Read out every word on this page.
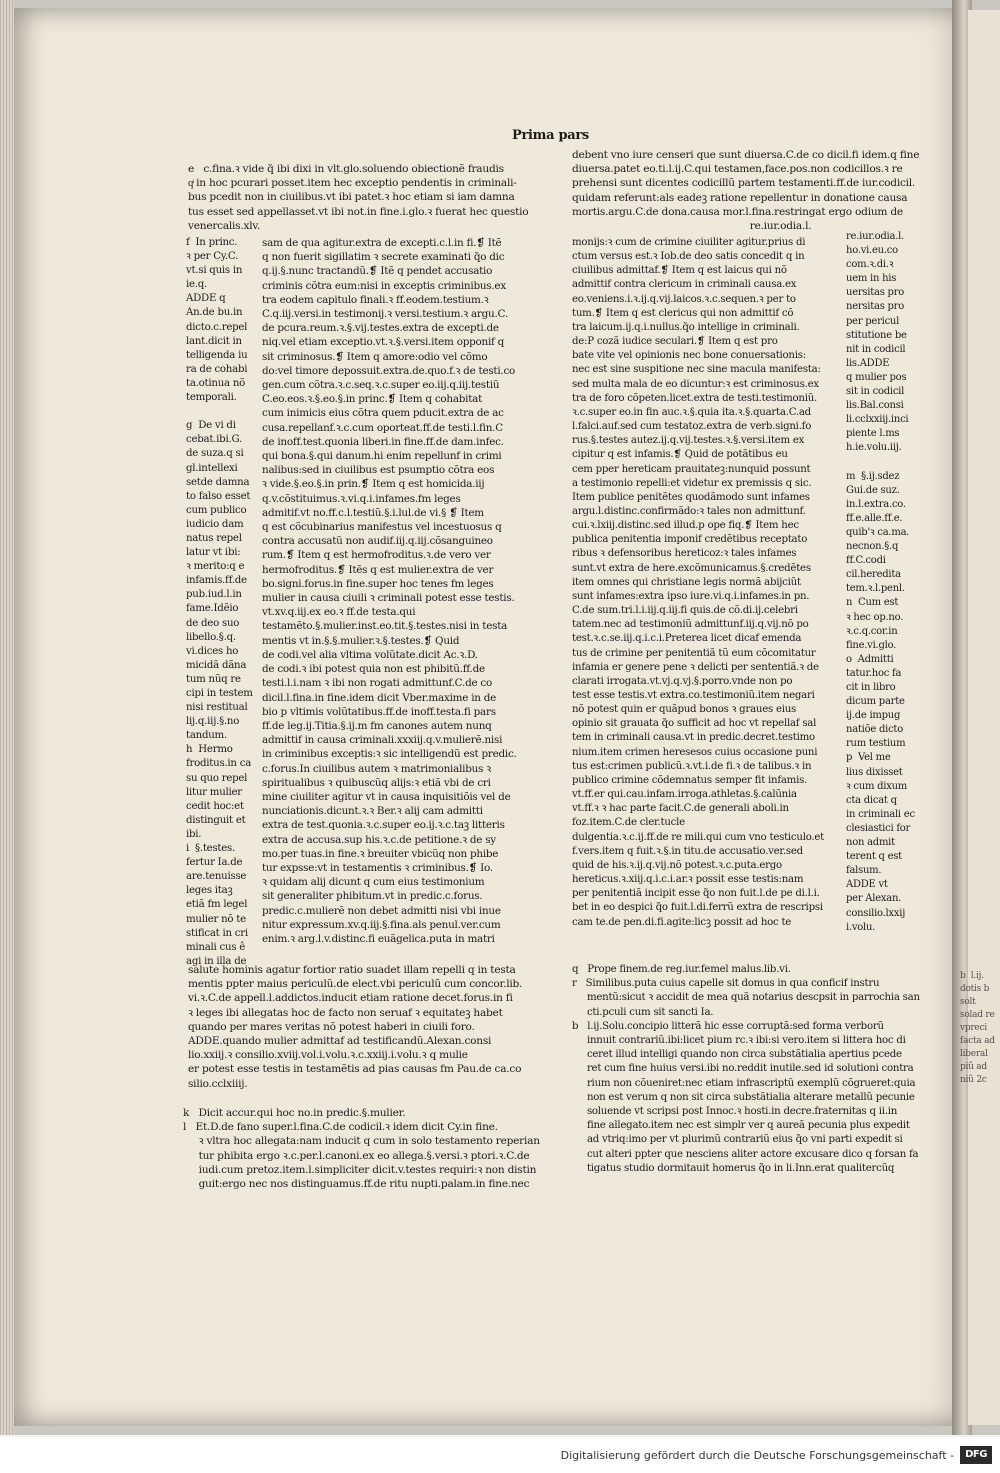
Prima pars
e   c.fina.ꝛ vide q̃ ibi dixi in vlt.glo.soluendo obiectionẽ fraudis
qͥ in hoc pcurari posset.item hec exceptio pendentis in criminali-
bus pcedit non in ciuilibus.vt ibi patet.ꝛ hoc etiam si iam damna
tus esset sed appellasset.vt ibi not.in fine.i.glo.ꝛ fuerat hec questio
venercalis.xlv.
f  In princ.
ꝛ per Cy.C.
vt.si quis in
ie.q.
ADDE q
An.de bu.in
dicto.c.repel
lant.dicit in
telligenda iu
ra de cohabi
ta.otinua nõ
temporali.

g  De vi di
cebat.ibi.G.
de suza.q si
gl.intellexi
setde damna
to falso esset
cum publico
iudicio dam
natus repel
latur vt ibi:
ꝛ merito:q e
infamis.ff.de
pub.iud.l.in
fame.Idẽio
de deo suo
libello.§.q.
vi.dices ho
micidã dãna
tum nũq re
cipi in testem
nisi restitual
lij.q.iij.§.no
tandum.
h  Hermo
froditus.in ca
su quo repel
litur mulier
cedit hoc:et
distinguit et
ibi.
i  §.testes.
fertur Ia.de
are.tenuisse
leges itaꝫ
etiã fm legel
mulier nõ te
stificat in cri
minali cus ê
agi in illa de
sam de qua agitur.extra de excepti.c.l.in fi.❡ Itẽ
q non fuerit sigillatim ꝛ secrete examinati q̃o dic
q.ij.§.nunc tractandũ.❡ Itẽ q pendet accusatio
criminis cõtra eum:nisi in exceptis criminibus.ex
tra eodem capitulo finali.ꝛ ff.eodem.testium.ꝛ
C.q.iij.versi.in testimonij.ꝛ versi.testium.ꝛ argu.C.
de pcura.reum.ꝛ.§.vij.testes.extra de excepti.de
niq.vel etiam exceptio.vt.ꝛ.§.versi.item opponif q
sit criminosus.❡ Item q amore:odio vel cõmo
do:vel timore depossuit.extra.de.quo.f.ꝛ de testi.co
gen.cum cõtra.ꝛ.c.seq.ꝛ.c.super eo.iij.q.iij.testiũ
C.eo.eos.ꝛ.§.eo.§.in princ.❡ Item q cohabitat
cum inimicis eius cõtra quem pducit.extra de ac
cusa.repellanf.ꝛ.c.cum oporteat.ff.de testi.l.fin.C
de inoff.test.quonia liberi.in fine.ff.de dam.infec.
qui bona.§.qui danum.hi enim repellunf in crimi
nalibus:sed in ciuilibus est psumptio cõtra eos
ꝛ vide.§.eo.§.in prin.❡ Item q est homicida.iij
q.v.cõstituimus.ꝛ.vi.q.i.infames.fm leges
admitif.vt no.ff.c.l.testiũ.§.i.lul.de vi.§ ❡ Item
q est cõcubinarius manifestus vel incestuosus q
contra accusatũ non audif.iij.q.iij.cõsanguineo
rum.❡ Item q est hermofroditus.ꝛ.de vero ver
hermofroditus.❡ Itẽs q est mulier.extra de ver
bo.signi.forus.in fine.super hoc tenes fm leges
mulier in causa ciuili ꝛ criminali potest esse testis.
vt.xv.q.iij.ex eo.ꝛ ff.de testa.qui
testamẽto.§.mulier.inst.eo.tit.§.testes.nisi in testa
mentis vt in.§.§.mulier.ꝛ.§.testes.❡ Quid
de codi.vel alia vltima volũtate.dicit Ac.ꝛ.D.
de codi.ꝛ ibi potest quia non est phibitũ.ff.de
testi.l.i.nam ꝛ ibi non rogati admittunf.C.de co
dicil.l.fina.in fine.idem dicit Vber.maxime in de
bio p vltimis volũtatibus.ff.de inoff.testa.fi pars
ff.de leg.ij.Titia.§.ij.m fm canones autem nunq
admittif in causa criminali.xxxiij.q.v.mulierẽ.nisi
in criminibus exceptis:ꝛ sic intelligendũ est predic.
c.forus.In ciuilibus autem ꝛ matrimonialibus ꝛ
spiritualibus ꝛ quibuscũq alijs:ꝛ etiã vbi de cri
mine ciuiliter agitur vt in causa inquisitiõis vel de
nunciationis.dicunt.ꝛ.ꝛ Ber.ꝛ alij cam admitti
extra de test.quonia.ꝛ.c.super eo.ij.ꝛ.c.taꝫ litteris
extra de accusa.sup his.ꝛ.c.de petitione.ꝛ de sy
mo.per tuas.in fine.ꝛ breuiter vbicũq non phibe
tur expsse:vt in testamentis ꝛ criminibus.❡ Io.
ꝛ quidam alij dicunt q cum eius testimonium
sit generaliter phibitum.vt in predic.c.forus.
predic.c.mulierẽ non debet admitti nisi vbi inue
nitur expressum.xv.q.iij.§.fina.als penul.ver.cum
enim.ꝛ arg.l.v.distinc.fi euãgelica.puta in matri
salute hominis agatur fortior ratio suadet illam repelli q in testa
mentis ppter maius periculũ.de elect.vbi periculũ cum concor.lib.
vi.ꝛ.C.de appell.l.addictos.inducit etiam ratione decet.forus.in fi
ꝛ leges ibi allegatas hoc de facto non seruaf ꝛ equitateꝫ habet
quando per mares veritas nõ potest haberi in ciuili foro.
ADDE.quando mulier admittaf ad testificandũ.Alexan.consi
lio.xxiij.ꝛ consilio.xviij.vol.i.volu.ꝛ.c.xxiij.i.volu.ꝛ q mulie
er potest esse testis in testamẽtis ad pias causas fm Pau.de ca.co
silio.cclxiiij.
k   Dicit accur.qui hoc no.in predic.§.mulier.
l   Et.D.de fano super.l.fina.C.de codicil.ꝛ idem dicit Cy.in fine.
ꝛ vltra hoc allegata:nam inducit q cum in solo testamento reperian
tur phibita ergo ꝛ.c.per.l.canoni.ex eo allega.§.versi.ꝛ ptori.ꝛ.C.de
iudi.cum pretoz.item.l.simpliciter dicit.v.testes requiri:ꝛ non distin
guit:ergo nec nos distinguamus.ff.de ritu nupti.palam.in fine.nec
debent vno iure censeri que sunt diuersa.C.de co dicil.fi idem.q fine
diuersa.patet eo.ti.l.ij.C.qui testamen,face.pos.non codicillos.ꝛ re
prehensi sunt dicentes codicillũ partem testamenti.ff.de iur.codicil.
quidam referunt:als eadeꝫ ratione repellentur in donatione causa
mortis.argu.C.de dona.causa mor.l.fina.restringat ergo odium de
re.iur.odia.l.
monijs:ꝛ cum de crimine ciuiliter agitur.prius di
ctum versus est.ꝛ Iob.de deo satis concedit q in
ciuilibus admittaf.❡ Item q est laicus qui nõ
admittif contra clericum in criminali causa.ex
eo.veniens.i.ꝛ.ij.q.vij.laicos.ꝛ.c.sequen.ꝛ per to
tum.❡ Item q est clericus qui non admittif cõ
tra laicum.ij.q.i.nullus.q̃o intellige in criminali.
de:P cozã iudice seculari.❡ Item q est pro
bate vite vel opinionis nec bone conuersationis:
nec est sine suspitione nec sine macula manifesta:
sed multa mala de eo dicuntur:ꝛ est criminosus.ex
tra de foro cõpeten.licet.extra de testi.testimoniũ.
ꝛ.c.super eo.in fin auc.ꝛ.§.quia ita.ꝛ.§.quarta.C.ad
l.falci.auf.sed cum testatoz.extra de verb.signi.fo
rus.§.testes autez.ij.q.vij.testes.ꝛ.§.versi.item ex
cipitur q est infamis.❡ Quid de potãtibus eu
cem pper hereticam prauitateꝫ:nunquid possunt
a testimonio repelli:et videtur ex premissis q sic.
Item publice penitẽtes quodãmodo sunt infames
argu.l.distinc.confirmãdo:ꝛ tales non admittunf.
cui.ꝛ.lxiij.distinc.sed illud.p ope fiq.❡ Item hec
publica penitentia imponif credẽtibus receptato
ribus ꝛ defensoribus hereticoz:ꝛ tales infames
sunt.vt extra de here.excõmunicamus.§.credẽtes
item omnes qui christiane legis normã abijciũt
sunt infames:extra ipso iure.vi.q.i.infames.in pn.
C.de sum.tri.l.i.iij.q.iij.fi quis.de cõ.di.ij.celebri
tatem.nec ad testimoniũ admittunf.iij.q.vij.nõ po
test.ꝛ.c.se.iij.q.i.c.i.Preterea licet dicaf emenda
tus de crimine per penitentiã tũ eum cõcomitatur
infamia er genere pene ꝛ delicti per sententiã.ꝛ de
clarati irrogata.vt.vj.q.vj.§.porro.vnde non po
test esse testis.vt extra.co.testimoniũ.item negari
nõ potest quin er quãpud bonos ꝛ graues eius
opinio sit grauata q̃o sufficit ad hoc vt repellaf sal
tem in criminali causa.vt in predic.decret.testimo
nium.item crimen heresesos cuius occasione puni
tus est:crimen publicũ.ꝛ.vt.i.de fi.ꝛ de talibus.ꝛ in
publico crimine cõdemnatus semper fit infamis.
vt.ff.er qui.cau.infam.irroga.athletas.§.calũnia
vt.ff.ꝛ ꝛ hac parte facit.C.de generali aboli.in
foz.item.C.de cler.tucle
dulgentia.ꝛ.c.ij.ff.de re mili.qui cum vno testiculo.et
f.vers.item q fuit.ꝛ.§.in titu.de accusatio.ver.sed
quid de his.ꝛ.ij.q.vij.nõ potest.ꝛ.c.puta.ergo
hereticus.ꝛ.xiij.q.i.c.i.ar.ꝛ possit esse testis:nam
per penitentiã incipit esse q̃o non fuit.l.de pe di.l.i.
bet in eo despici q̃o fuit.l.di.ferrũ extra de rescripsi
cam te.de pen.di.fi.agite:licꝫ possit ad hoc te
q   Prope finem.de reg.iur.femel malus.lib.vi.
r   Similibus.puta cuius capelle sit domus in qua conficif instru
mentũ:sicut ꝛ accidit de mea quã notarius descpsit in parrochia san
cti.pculi cum sit sancti Ia.
b   l.ij.Solu.concipio litterã hic esse corruptã:sed forma verborũ
innuit contrariũ.ibi:licet pium rc.ꝛ ibi:si vero.item si littera hoc di
ceret illud intelligi quando non circa substãtialia apertius pcede
ret cum fine huius versi.ibi no.reddit inutile.sed id solutioni contra
rium non cõueniret:nec etiam infrascriptũ exemplũ cõgrueret:quia
non est verum q non sit circa substãtialia alterare metallũ pecunie
soluende vt scripsi post Innoc.ꝛ hosti.in decre.fraternitas q ii.in
fine allegato.item nec est simplr ver q aureã pecunia plus expedit
ad vtriq:imo per vt plurimũ contrariũ eius q̃o vni parti expedit si
cut alteri ppter que nesciens aliter actore excusare dico q forsan fa
tigatus studio dormitauit homerus q̃o in li.Inn.erat qualitercũq
re.iur.odia.l.
ho.vi.eu.co
com.ꝛ.di.ꝛ
uem in his
uersitas pro
nersitas pro
per pericul
stitutione be
nit in codicil
lis.ADDE
q mulier pos
sit in codicil
lis.Bal.consi
li.cclxxiij.inci
piente l.ms
h.ie.volu.iij.

m  §.ij.sdez
Gui.de suz.
in.l.extra.co.
ff.e.alle.ff.e.
quib'ꝛ ca.ma.
necnon.§.q
ff.C.codi
cil.heredita
tem.ꝛ.l.penl.
n  Cum est
ꝛ hec op.no.
ꝛ.c.q.cor.in
fine.vi.glo.
o  Admitti
tatur.hoc fa
cit in libro
dicum parte
ij.de impug
natiõe dicto
rum testium
p  Vel me
lius dixisset
ꝛ cum dixum
cta dicat q
in criminali ec
clesiastici for
non admit
terent q est
falsum.
ADDE vt
per Alexan.
consilio.lxxij
i.volu.
b  l.ij.
dotis b
solt
solad re
vpreci
facta ad
liberal
piũ ad
niũ 2c
Digitalisierung gefördert durch die Deutsche Forschungsgemeinschaft -	DFG
